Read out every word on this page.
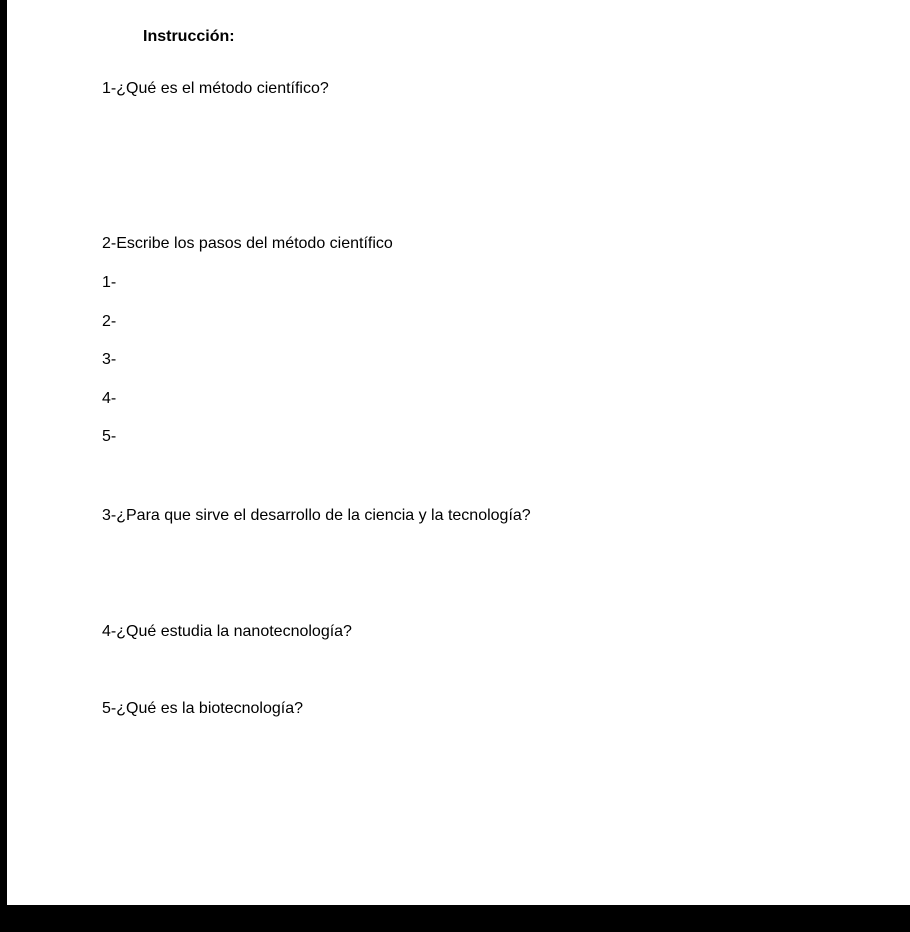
Instrucción:
1-¿Qué es el método científico?
2-Escribe los pasos del método científico
1-
2-
3-
4-
5-
3-¿Para que sirve el desarrollo de la ciencia y la tecnología?
4-¿Qué estudia la nanotecnología?
5-¿Qué es la biotecnología?
